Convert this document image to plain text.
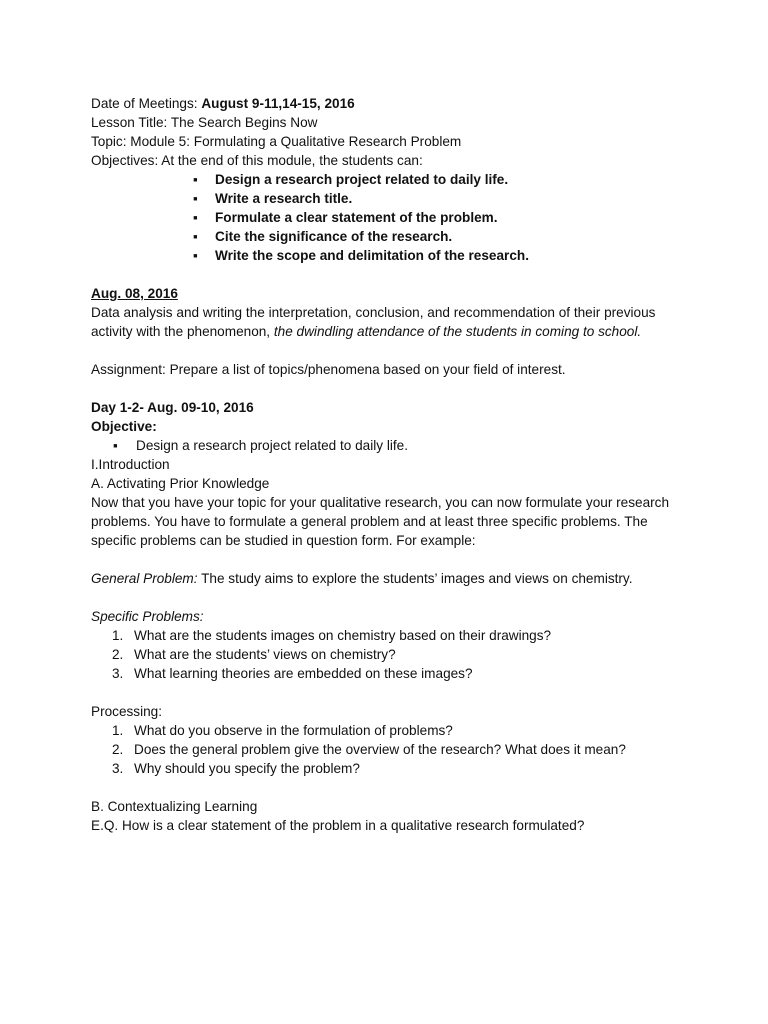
Date of Meetings: August 9-11,14-15, 2016
Lesson Title: The Search Begins Now
Topic: Module 5: Formulating a Qualitative Research Problem
Objectives: At the end of this module, the students can:
▪ Design a research project related to daily life.
▪ Write a research title.
▪ Formulate a clear statement of the problem.
▪ Cite the significance of the research.
▪ Write the scope and delimitation of the research.
Aug. 08, 2016
Data analysis and writing the interpretation, conclusion, and recommendation of their previous activity with the phenomenon, the dwindling attendance of the students in coming to school.
Assignment: Prepare a list of topics/phenomena based on your field of interest.
Day 1-2- Aug. 09-10, 2016
Objective:
▪ Design a research project related to daily life.
I.Introduction
A. Activating Prior Knowledge
Now that you have your topic for your qualitative research, you can now formulate your research problems. You have to formulate a general problem and at least three specific problems. The specific problems can be studied in question form. For example:
General Problem: The study aims to explore the students’ images and views on chemistry.
Specific Problems:
1. What are the students images on chemistry based on their drawings?
2. What are the students’ views on chemistry?
3. What learning theories are embedded on these images?
Processing:
1. What do you observe in the formulation of problems?
2. Does the general problem give the overview of the research? What does it mean?
3. Why should you specify the problem?
B. Contextualizing Learning
E.Q. How is a clear statement of the problem in a qualitative research formulated?
